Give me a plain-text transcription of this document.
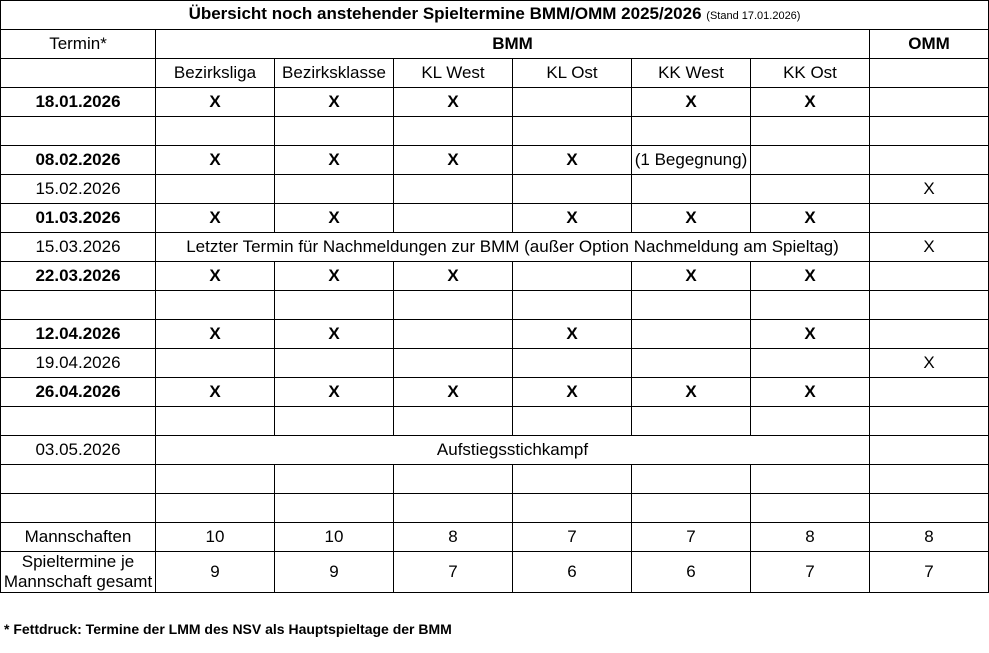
Übersicht noch anstehender Spieltermine BMM/OMM 2025/2026 (Stand 17.01.2026)							
Termin*	BMM						OMM
	Bezirksliga	Bezirksklasse	KL West	KL Ost	KK West	KK Ost	
18.01.2026	X	X	X		X	X	

08.02.2026	X	X	X	X	(1 Begegnung)		
15.02.2026							X
01.03.2026	X	X		X	X	X	
15.03.2026	Letzter Termin für Nachmeldungen zur BMM (außer Option Nachmeldung am Spieltag)						X
22.03.2026	X	X	X		X	X	

12.04.2026	X	X		X		X	
19.04.2026							X
26.04.2026	X	X	X	X	X	X	

03.05.2026	Aufstiegsstichkampf						

Mannschaften	10	10	8	7	7	8	8

Spieltermine je
Mannschaft gesamt	9	9	7	6	6	7	7
* Fettdruck: Termine der LMM des NSV als Hauptspieltage der BMM
